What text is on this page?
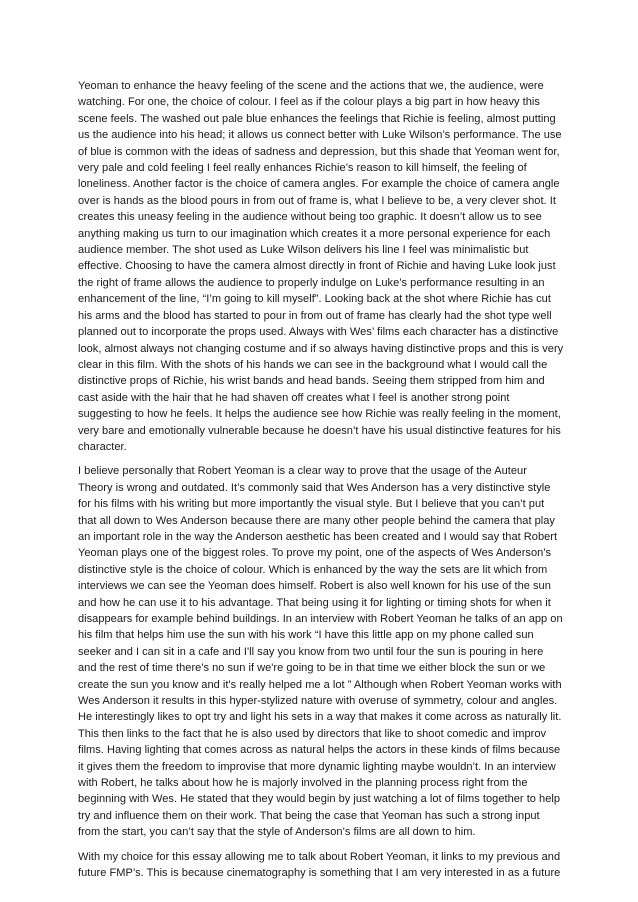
Yeoman to enhance the heavy feeling of the scene and the actions that we, the audience, were watching. For one, the choice of colour. I feel as if the colour plays a big part in how heavy this scene feels. The washed out pale blue enhances the feelings that Richie is feeling, almost putting us the audience into his head; it allows us connect better with Luke Wilson’s performance. The use of blue is common with the ideas of sadness and depression, but this shade that Yeoman went for, very pale and cold feeling I feel really enhances Richie’s reason to kill himself, the feeling of loneliness. Another factor is the choice of camera angles. For example the choice of camera angle over is hands as the blood pours in from out of frame is, what I believe to be, a very clever shot. It creates this uneasy feeling in the audience without being too graphic. It doesn’t allow us to see anything making us turn to our imagination which creates it a more personal experience for each audience member. The shot used as Luke Wilson delivers his line I feel was minimalistic but effective. Choosing to have the camera almost directly in front of Richie and having Luke look just the right of frame allows the audience to properly indulge on Luke’s performance resulting in an enhancement of the line, “I’m going to kill myself”. Looking back at the shot where Richie has cut his arms and the blood has started to pour in from out of frame has clearly had the shot type well planned out to incorporate the props used. Always with Wes’ films each character has a distinctive look, almost always not changing costume and if so always having distinctive props and this is very clear in this film. With the shots of his hands we can see in the background what I would call the distinctive props of Richie, his wrist bands and head bands. Seeing them stripped from him and cast aside with the hair that he had shaven off creates what I feel is another strong point suggesting to how he feels. It helps the audience see how Richie was really feeling in the moment, very bare and emotionally vulnerable because he doesn’t have his usual distinctive features for his character.

I believe personally that Robert Yeoman is a clear way to prove that the usage of the Auteur Theory is wrong and outdated. It’s commonly said that Wes Anderson has a very distinctive style for his films with his writing but more importantly the visual style. But I believe that you can’t put that all down to Wes Anderson because there are many other people behind the camera that play an important role in the way the Anderson aesthetic has been created and I would say that Robert Yeoman plays one of the biggest roles. To prove my point, one of the aspects of Wes Anderson’s distinctive style is the choice of colour. Which is enhanced by the way the sets are lit which from interviews we can see the Yeoman does himself. Robert is also well known for his use of the sun and how he can use it to his advantage. That being using it for lighting or timing shots for when it disappears for example behind buildings. In an interview with Robert Yeoman he talks of an app on his film that helps him use the sun with his work “I have this little app on my phone called sun seeker and I can sit in a cafe and I'll say you know from two until four the sun is pouring in here and the rest of time there's no sun if we're going to be in that time we either block the sun or we create the sun you know and it's really helped me a lot ” Although when Robert Yeoman works with Wes Anderson it results in this hyper-stylized nature with overuse of symmetry, colour and angles. He interestingly likes to opt try and light his sets in a way that makes it come across as naturally lit. This then links to the fact that he is also used by directors that like to shoot comedic and improv films. Having lighting that comes across as natural helps the actors in these kinds of films because it gives them the freedom to improvise that more dynamic lighting maybe wouldn’t. In an interview with Robert, he talks about how he is majorly involved in the planning process right from the beginning with Wes. He stated that they would begin by just watching a lot of films together to help try and influence them on their work. That being the case that Yeoman has such a strong input from the start, you can’t say that the style of Anderson’s films are all down to him.

With my choice for this essay allowing me to talk about Robert Yeoman, it links to my previous and future FMP’s. This is because cinematography is something that I am very interested in as a future
